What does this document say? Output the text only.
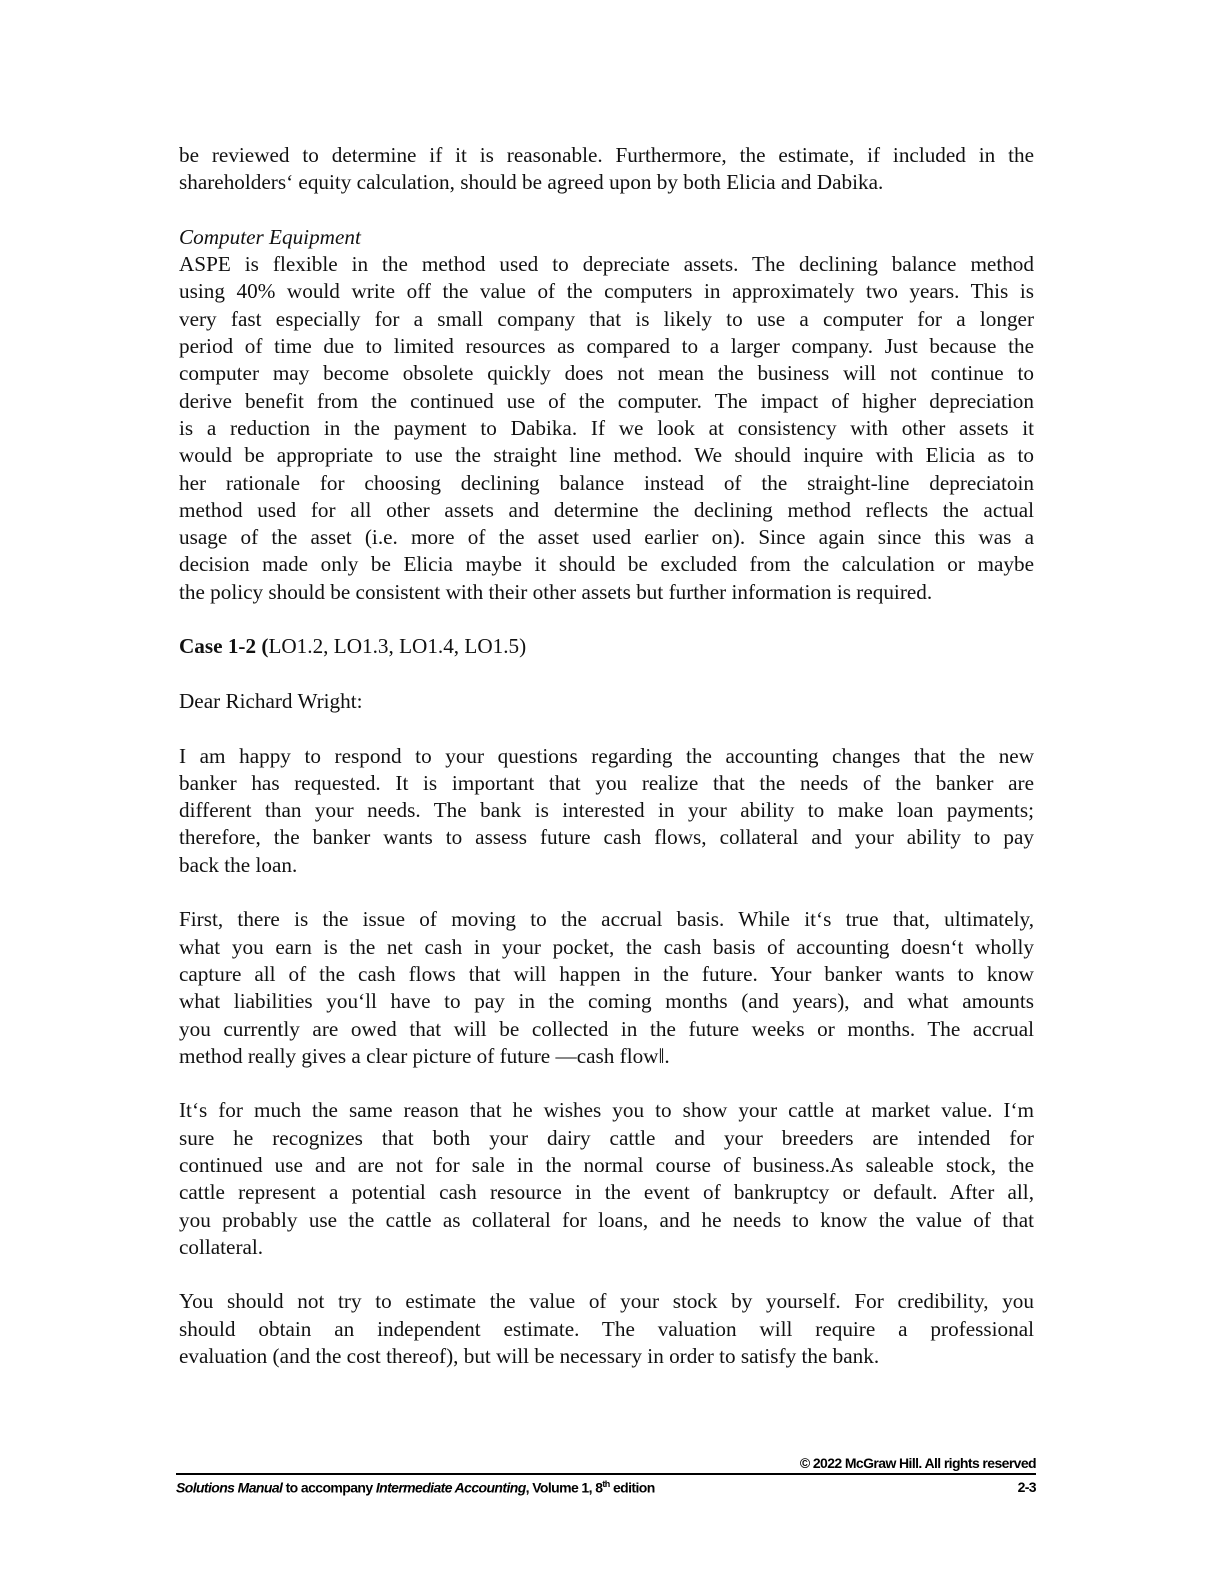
be reviewed to determine if it is reasonable. Furthermore, the estimate, if included in the
shareholders‘ equity calculation, should be agreed upon by both Elicia and Dabika.
Computer Equipment
ASPE is flexible in the method used to depreciate assets. The declining balance method
using 40% would write off the value of the computers in approximately two years. This is
very fast especially for a small company that is likely to use a computer for a longer
period of time due to limited resources as compared to a larger company. Just because the
computer may become obsolete quickly does not mean the business will not continue to
derive benefit from the continued use of the computer. The impact of higher depreciation
is a reduction in the payment to Dabika. If we look at consistency with other assets it
would be appropriate to use the straight line method. We should inquire with Elicia as to
her rationale for choosing declining balance instead of the straight-line depreciatoin
method used for all other assets and determine the declining method reflects the actual
usage of the asset (i.e. more of the asset used earlier on). Since again since this was a
decision made only be Elicia maybe it should be excluded from the calculation or maybe
the policy should be consistent with their other assets but further information is required.
Case 1-2 (LO1.2, LO1.3, LO1.4, LO1.5)
Dear Richard Wright:
I am happy to respond to your questions regarding the accounting changes that the new
banker has requested. It is important that you realize that the needs of the banker are
different than your needs. The bank is interested in your ability to make loan payments;
therefore, the banker wants to assess future cash flows, collateral and your ability to pay
back the loan.
First, there is the issue of moving to the accrual basis. While it‘s true that, ultimately,
what you earn is the net cash in your pocket, the cash basis of accounting doesn‘t wholly
capture all of the cash flows that will happen in the future. Your banker wants to know
what liabilities you‘ll have to pay in the coming months (and years), and what amounts
you currently are owed that will be collected in the future weeks or months. The accrual
method really gives a clear picture of future ―cash flow‖.
It‘s for much the same reason that he wishes you to show your cattle at market value. I‘m
sure he recognizes that both your dairy cattle and your breeders are intended for
continued use and are not for sale in the normal course of business.As saleable stock, the
cattle represent a potential cash resource in the event of bankruptcy or default. After all,
you probably use the cattle as collateral for loans, and he needs to know the value of that
collateral.
You should not try to estimate the value of your stock by yourself. For credibility, you
should obtain an independent estimate. The valuation will require a professional
evaluation (and the cost thereof), but will be necessary in order to satisfy the bank.
© 2022 McGraw Hill. All rights reserved
Solutions Manual to accompany Intermediate Accounting, Volume 1, 8th edition	2-3
